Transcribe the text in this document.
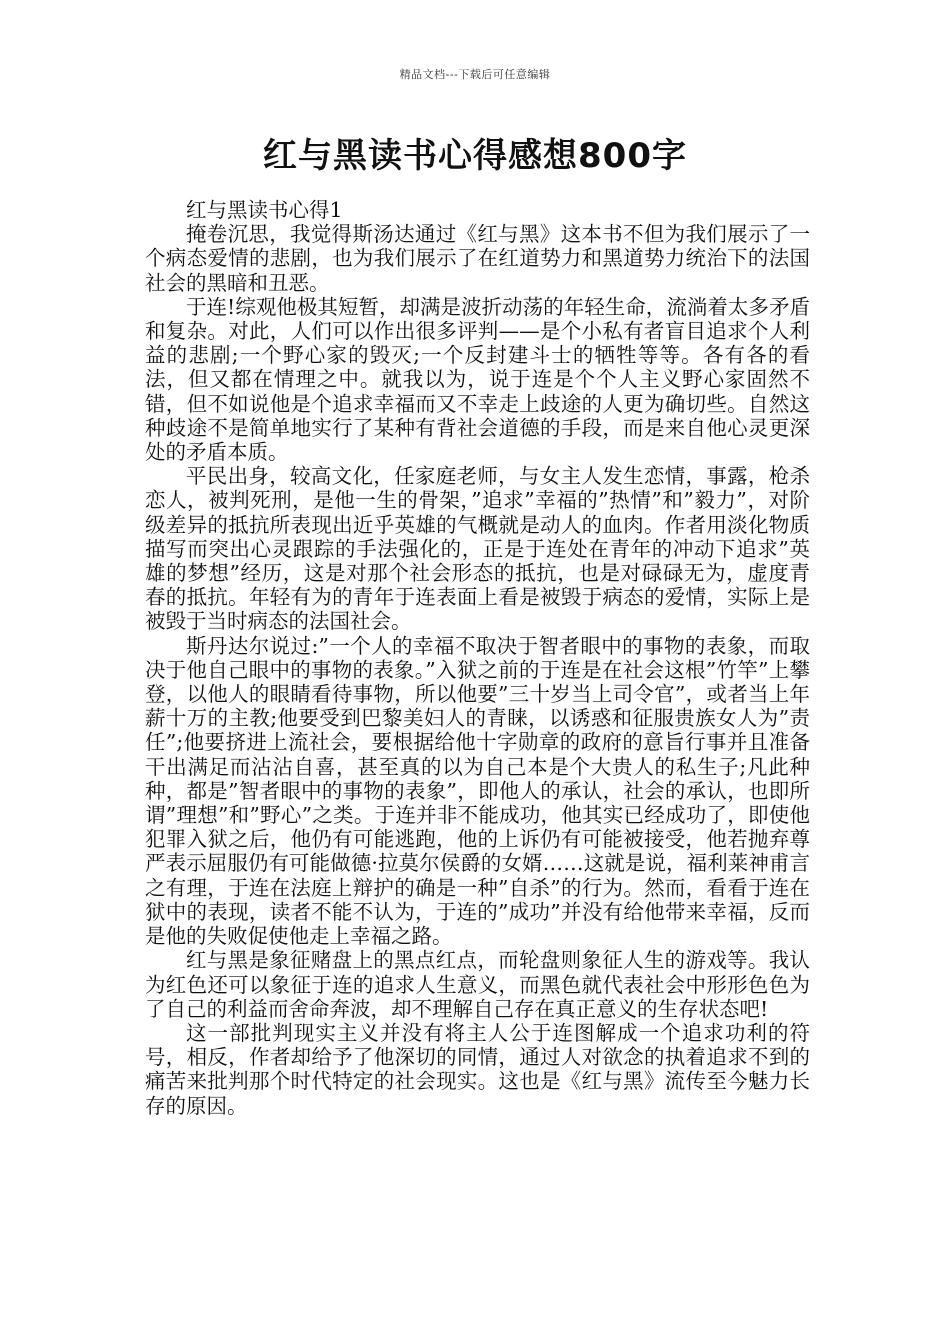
精品文档---下载后可任意编辑
红与黑读书心得感想800字

红与黑读书心得1

掩卷沉思，我觉得斯汤达通过《红与黑》这本书不但为我们展示了一个病态爱情的悲剧，也为我们展示了在红道势力和黑道势力统治下的法国社会的黑暗和丑恶。

于连!综观他极其短暂，却满是波折动荡的年轻生命，流淌着太多矛盾和复杂。对此，人们可以作出很多评判——是个小私有者盲目追求个人利益的悲剧;一个野心家的毁灭;一个反封建斗士的牺牲等等。各有各的看法，但又都在情理之中。就我以为，说于连是个个人主义野心家固然不错，但不如说他是个追求幸福而又不幸走上歧途的人更为确切些。自然这种歧途不是简单地实行了某种有背社会道德的手段，而是来自他心灵更深处的矛盾本质。

平民出身，较高文化，任家庭老师，与女主人发生恋情，事露，枪杀恋人，被判死刑，是他一生的骨架，”追求”幸福的”热情”和”毅力”，对阶级差异的抵抗所表现出近乎英雄的气概就是动人的血肉。作者用淡化物质描写而突出心灵跟踪的手法强化的，正是于连处在青年的冲动下追求”英雄的梦想”经历，这是对那个社会形态的抵抗，也是对碌碌无为，虚度青春的抵抗。年轻有为的青年于连表面上看是被毁于病态的爱情，实际上是被毁于当时病态的法国社会。

斯丹达尔说过:”一个人的幸福不取决于智者眼中的事物的表象，而取决于他自己眼中的事物的表象。”入狱之前的于连是在社会这根”竹竿”上攀登，以他人的眼睛看待事物，所以他要”三十岁当上司令官”，或者当上年薪十万的主教;他要受到巴黎美妇人的青睐，以诱惑和征服贵族女人为”责任”;他要挤进上流社会，要根据给他十字勋章的政府的意旨行事并且准备干出满足而沾沾自喜，甚至真的以为自己本是个大贵人的私生子;凡此种种，都是”智者眼中的事物的表象”，即他人的承认，社会的承认，也即所谓”理想”和”野心”之类。于连并非不能成功，他其实已经成功了，即使他犯罪入狱之后，他仍有可能逃跑，他的上诉仍有可能被接受，他若抛弃尊严表示屈服仍有可能做德·拉莫尔侯爵的女婿……这就是说，福利莱神甫言之有理，于连在法庭上辩护的确是一种”自杀”的行为。然而，看看于连在狱中的表现，读者不能不认为，于连的”成功”并没有给他带来幸福，反而是他的失败促使他走上幸福之路。

红与黑是象征赌盘上的黑点红点，而轮盘则象征人生的游戏等。我认为红色还可以象征于连的追求人生意义，而黑色就代表社会中形形色色为了自己的利益而舍命奔波，却不理解自己存在真正意义的生存状态吧!

这一部批判现实主义并没有将主人公于连图解成一个追求功利的符号，相反，作者却给予了他深切的同情，通过人对欲念的执着追求不到的痛苦来批判那个时代特定的社会现实。这也是《红与黑》流传至今魅力长存的原因。
